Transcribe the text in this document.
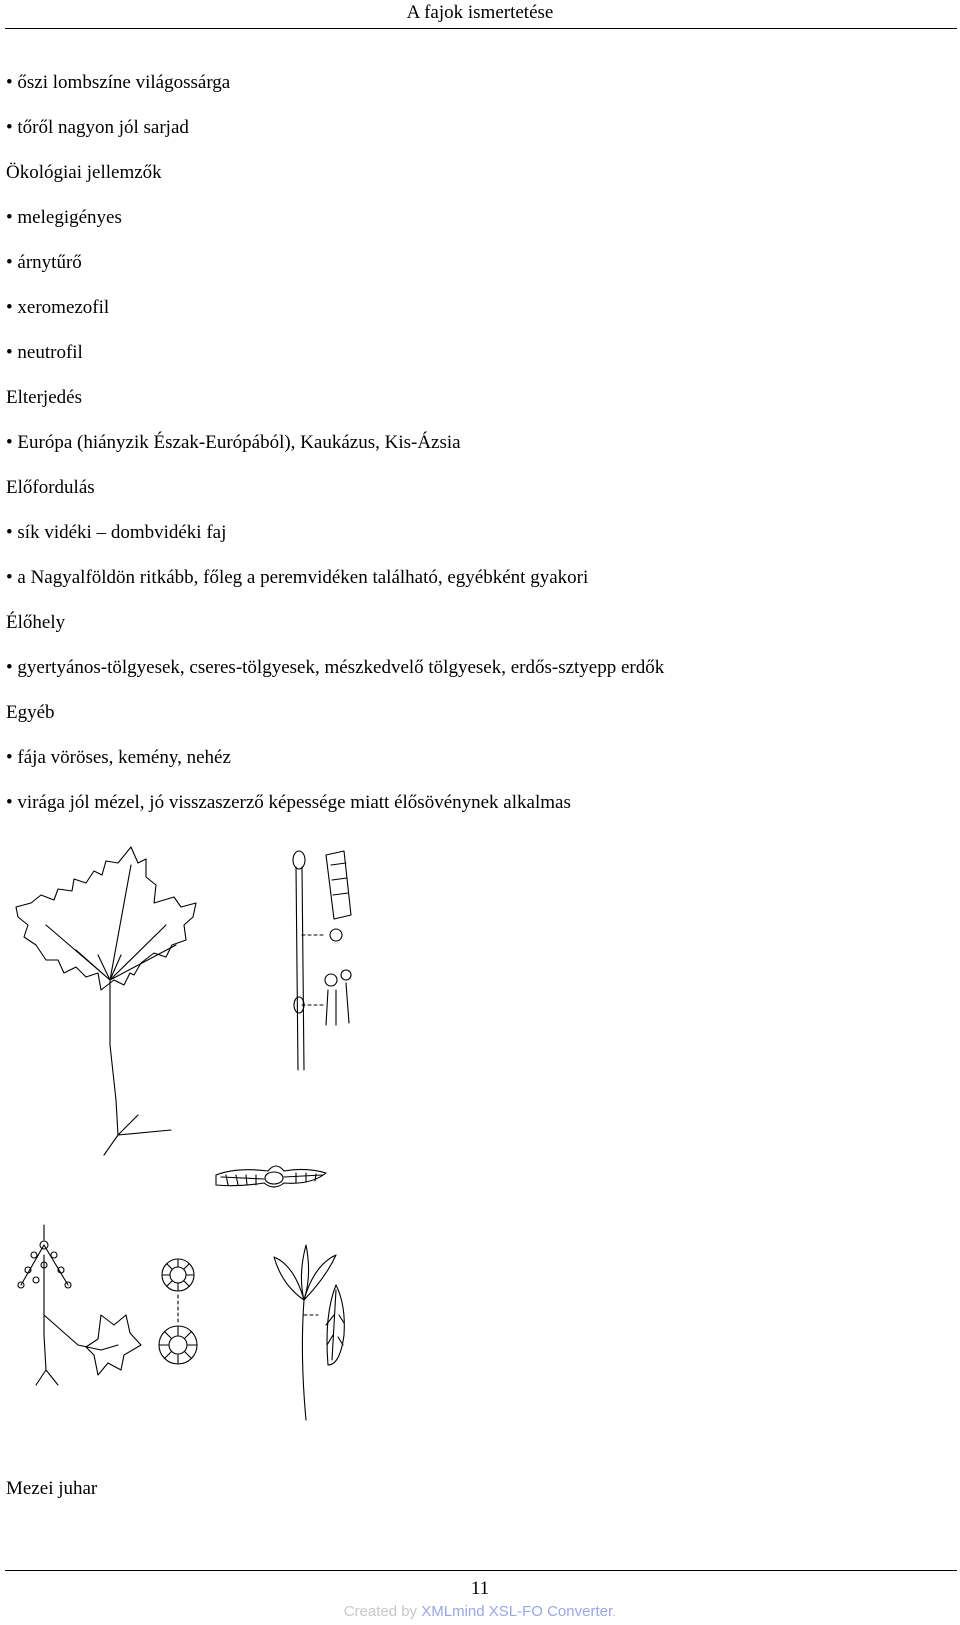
A fajok ismertetése
• őszi lombszíne világossárga
• tőről nagyon jól sarjad
Ökológiai jellemzők
• melegigényes
• árnytűrő
• xeromezofil
• neutrofil
Elterjedés
• Európa (hiányzik Észak-Európából), Kaukázus, Kis-Ázsia
Előfordulás
• sík vidéki – dombvidéki faj
• a Nagyalföldön ritkább, főleg a peremvidéken található, egyébként gyakori
Élőhely
• gyertyános-tölgyesek, cseres-tölgyesek, mészkedvelő tölgyesek, erdős-sztyepp erdők
Egyéb
• fája vöröses, kemény, nehéz
• virága jól mézel, jó visszaszerző képessége miatt élősövénynek alkalmas
Mezei juhar
11
Created by XMLmind XSL-FO Converter.
